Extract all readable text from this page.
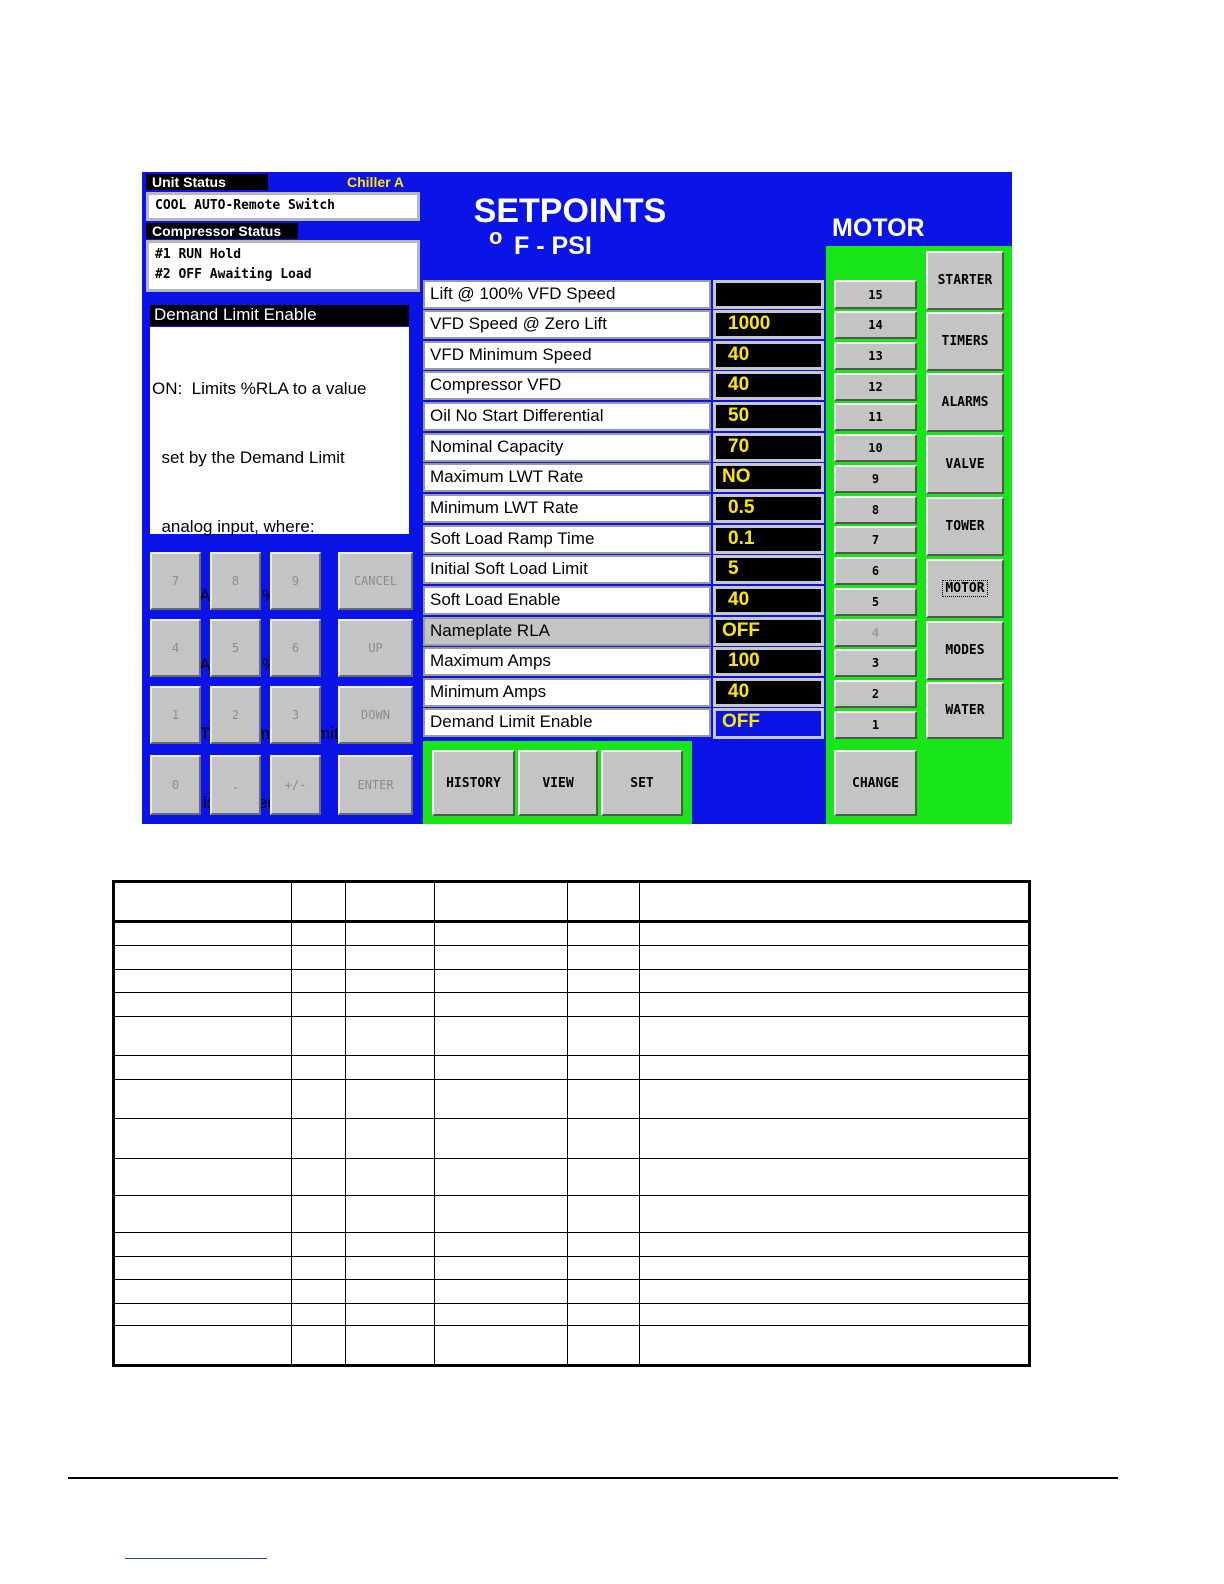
Unit Status	Chiller A
COOL AUTO-Remote Switch
Compressor Status
#1 RUN Hold
#2 OFF Awaiting Load
Demand Limit Enable

ON:  Limits %RLA to a value

set by the Demand Limit

analog input, where:

Demand

7	8	9	CANCEL
4	5	6	UP
1	2	3	DOWN
0	.	+/-	ENTER
SETPOINTS
o F - PSI
MOTOR
Lift @ 100% VFD Speed
VFD Speed @ Zero Lift	1000
VFD Minimum Speed	40
Compressor VFD	40
Oil No Start Differential	50
Nominal Capacity	70
Maximum LWT Rate	NO
Minimum LWT Rate	0.5
Soft Load Ramp Time	0.1
Initial Soft Load Limit	5
Soft Load Enable	40
Nameplate RLA	OFF
Maximum Amps	100
Minimum Amps	40
Demand Limit Enable	OFF
15
14
13
12
11
10
9
8
7
6
5
4
3
2
1
STARTER
TIMERS
ALARMS
VALVE
TOWER
MOTOR
MODES
WATER
HISTORY	VIEW	SET	CHANGE
